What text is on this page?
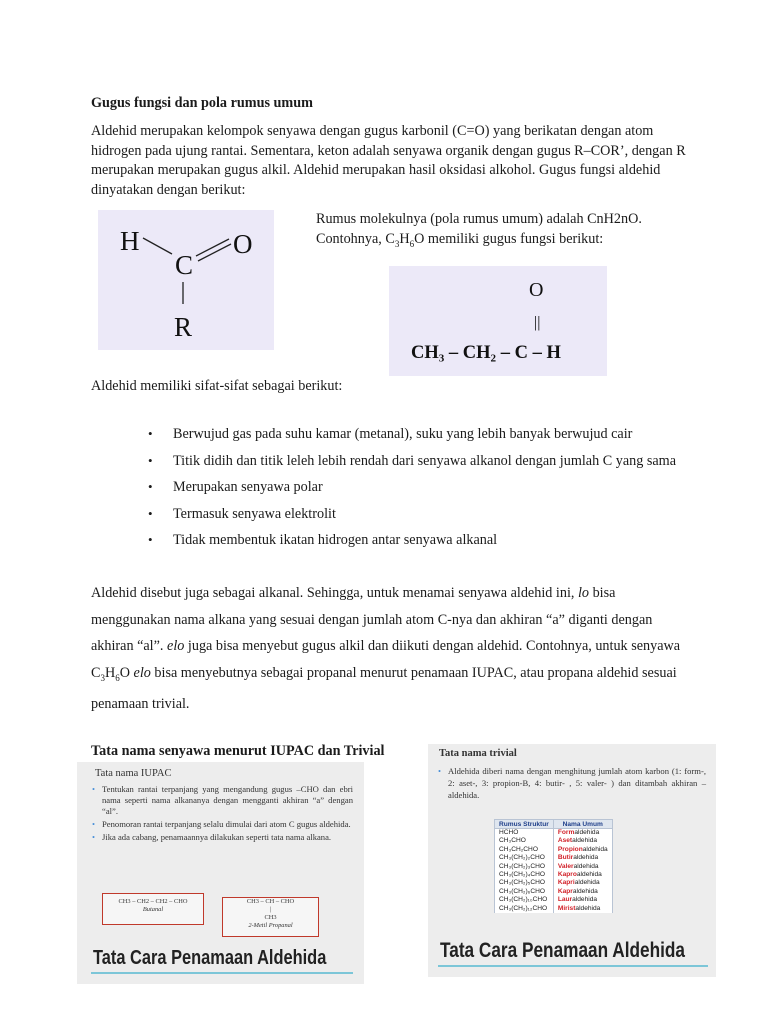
Gugus fungsi dan pola rumus umum
Aldehid merupakan kelompok senyawa dengan gugus karbonil (C=O) yang berikatan dengan atom hidrogen pada ujung rantai. Sementara, keton adalah senyawa organik dengan gugus R–COR’, dengan R merupakan merupakan gugus alkil. Aldehid merupakan hasil oksidasi alkohol. Gugus fungsi aldehid dinyatakan dengan berikut:
H
C
O
R
Rumus molekulnya (pola rumus umum) adalah CnH2nO.
Contohnya, $C_3H_6O$ memiliki gugus fungsi berikut:
O
||
CH₃ – CH₂ – C – H
Aldehid memiliki sifat-sifat sebagai berikut:
• Berwujud gas pada suhu kamar (metanal), suku yang lebih banyak berwujud cair
• Titik didih dan titik leleh lebih rendah dari senyawa alkanol dengan jumlah C yang sama
• Merupakan senyawa polar
• Termasuk senyawa elektrolit
• Tidak membentuk ikatan hidrogen antar senyawa alkanal
Aldehid disebut juga sebagai alkanal. Sehingga, untuk menamai senyawa aldehid ini, lo bisa menggunakan nama alkana yang sesuai dengan jumlah atom C-nya dan akhiran “a” diganti dengan akhiran “al”. elo juga bisa menyebut gugus alkil dan diikuti dengan aldehid. Contohnya, untuk senyawa $C_3H_6O$ elo bisa menyebutnya sebagai propanal menurut penamaan IUPAC, atau propana aldehid sesuai penamaan trivial.
Tata nama senyawa menurut IUPAC dan Trivial
Tata nama IUPAC
• Tentukan rantai terpanjang yang mengandung gugus –CHO dan ebri nama seperti nama alkananya dengan mengganti akhiran “a” dengan “al”.
• Penomoran rantai terpanjang selalu dimulai dari atom C gugus aldehida.
• Jika ada cabang, penamaannya dilakukan seperti tata nama alkana.
CH3 – CH2 – CH2 – CHO
Butanal
CH3 – CH – CHO
|
CH3
2-Metil Propanal
Tata Cara Penamaan Aldehida
Tata nama trivial
• Aldehida diberi nama dengan menghitung jumlah atom karbon (1: form-, 2: aset-, 3: propion-B, 4: butir- , 5: valer- ) dan ditambah akhiran –aldehida.
Rumus Struktur	Nama Umum
HCHO	Formaldehida
CH₃CHO	Asetaldehida
CH₃CH₂CHO	Propionaldehida
CH₃(CH₂)₂CHO	Butiraldehida
CH₃(CH₂)₃CHO	Valeraldehida
CH₃(CH₂)₄CHO	Kaproaldehida
CH₃(CH₂)₅CHO	Kaprialdehida
CH₃(CH₂)₆CHO	Kapraldehida
CH₃(CH₂)₁₀CHO	Lauraldehida
CH₃(CH₂)₁₂CHO	Miristaldehida
Tata Cara Penamaan Aldehida
